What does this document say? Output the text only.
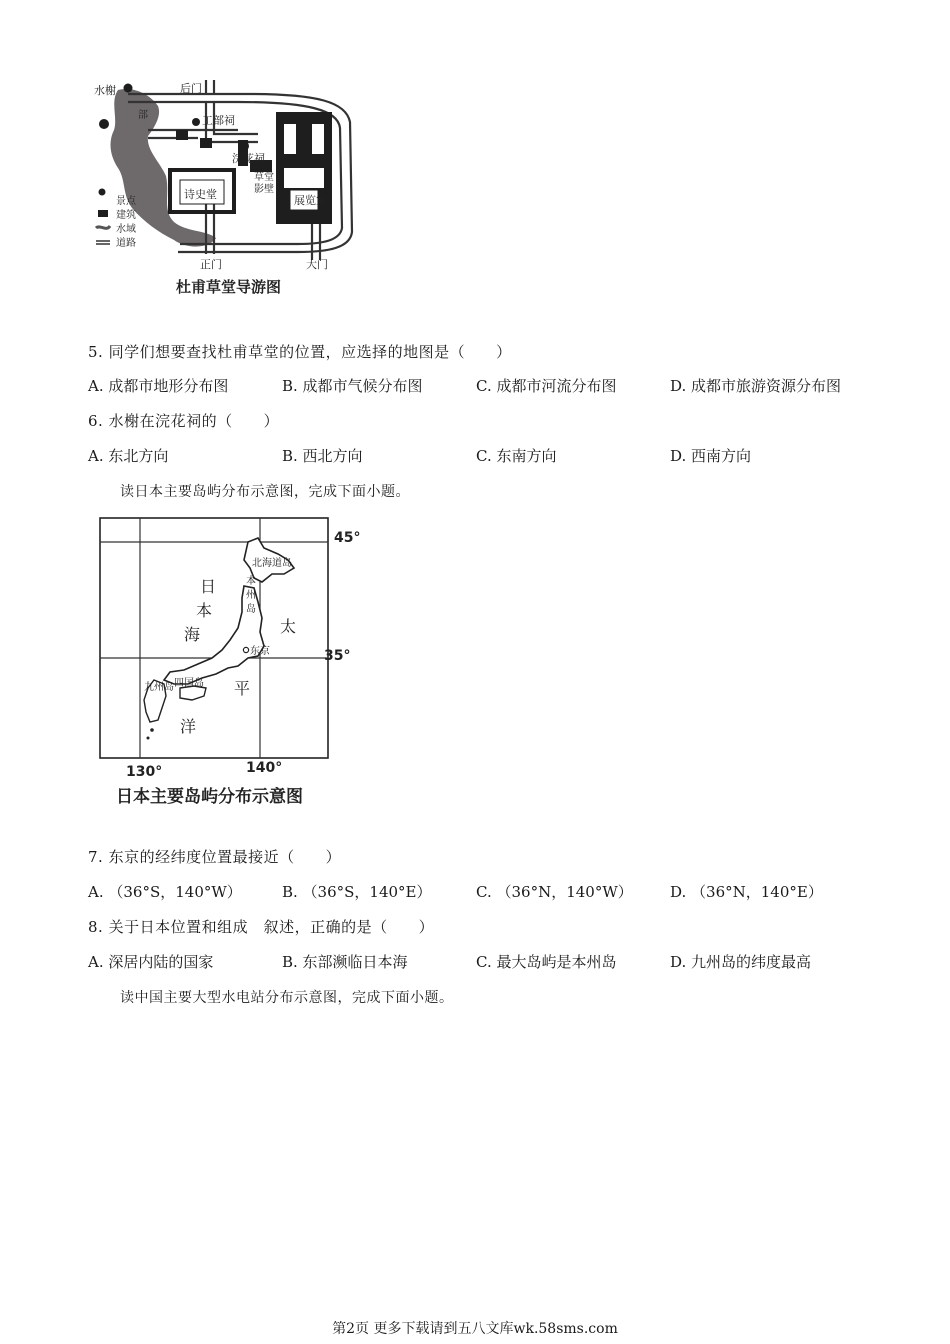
水榭	后门
部	工部祠
浣花祠
诗史堂
草堂
影壁
展览室
正门	大门
景点
建筑
水域
道路
杜甫草堂导游图
5. 同学们想要查找杜甫草堂的位置，应选择的地图是（　　）
A. 成都市地形分布图	B. 成都市气候分布图	C. 成都市河流分布图	D. 成都市旅游资源分布图
6. 水榭在浣花祠的（　　）
A. 东北方向	B. 西北方向	C. 东南方向	D. 西南方向
读日本主要岛屿分布示意图，完成下面小题。
45°
35°
130°	140°
北海道岛
本
州
岛
东京
四国岛
九州岛
日
本
海	太
平
洋
日本主要岛屿分布示意图
7. 东京的经纬度位置最接近（　　）
A. （36°S，140°W）	B. （36°S，140°E）	C. （36°N，140°W） D. （36°N，140°E）
8. 关于日本位置和组成　叙述，正确的是（　　）
A. 深居内陆的国家	B. 东部濒临日本海	C. 最大岛屿是本州岛	D. 九州岛的纬度最高
读中国主要大型水电站分布示意图，完成下面小题。
第2页 更多下载请到五八文库wk.58sms.com
